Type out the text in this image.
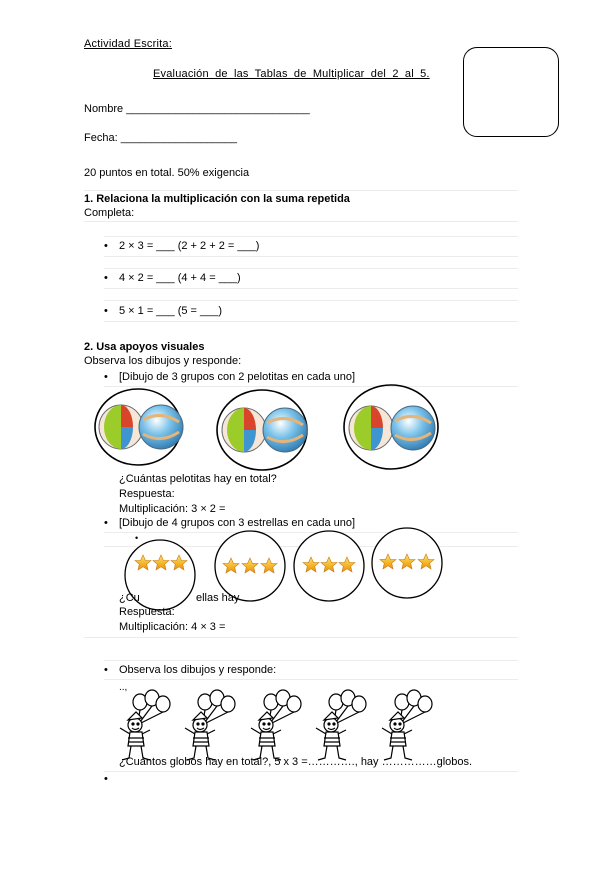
Actividad Escrita:
Evaluación de las Tablas de Multiplicar del 2 al 5.
Nombre ______________________________
Fecha: ___________________
20 puntos en total. 50% exigencia
1. Relaciona la multiplicación con la suma repetida
Completa:
• 2 × 3 = ___ (2 + 2 + 2 = ___)
• 4 × 2 = ___ (4 + 4 = ___)
• 5 × 1 = ___ (5 = ___)
2. Usa apoyos visuales
Observa los dibujos y responde:
• [Dibujo de 3 grupos con 2 pelotitas en cada uno]
¿Cuántas pelotitas hay en total?
Respuesta:
Multiplicación: 3 × 2 =
• [Dibujo de 4 grupos con 3 estrellas en cada uno]
•
¿Cu	ellas hay
Respuesta:
Multiplicación: 4 × 3 =
• Observa los dibujos y responde:
..,
¿Cuántos globos hay en total?, 5 x 3 =…………., hay ……………globos.
•
